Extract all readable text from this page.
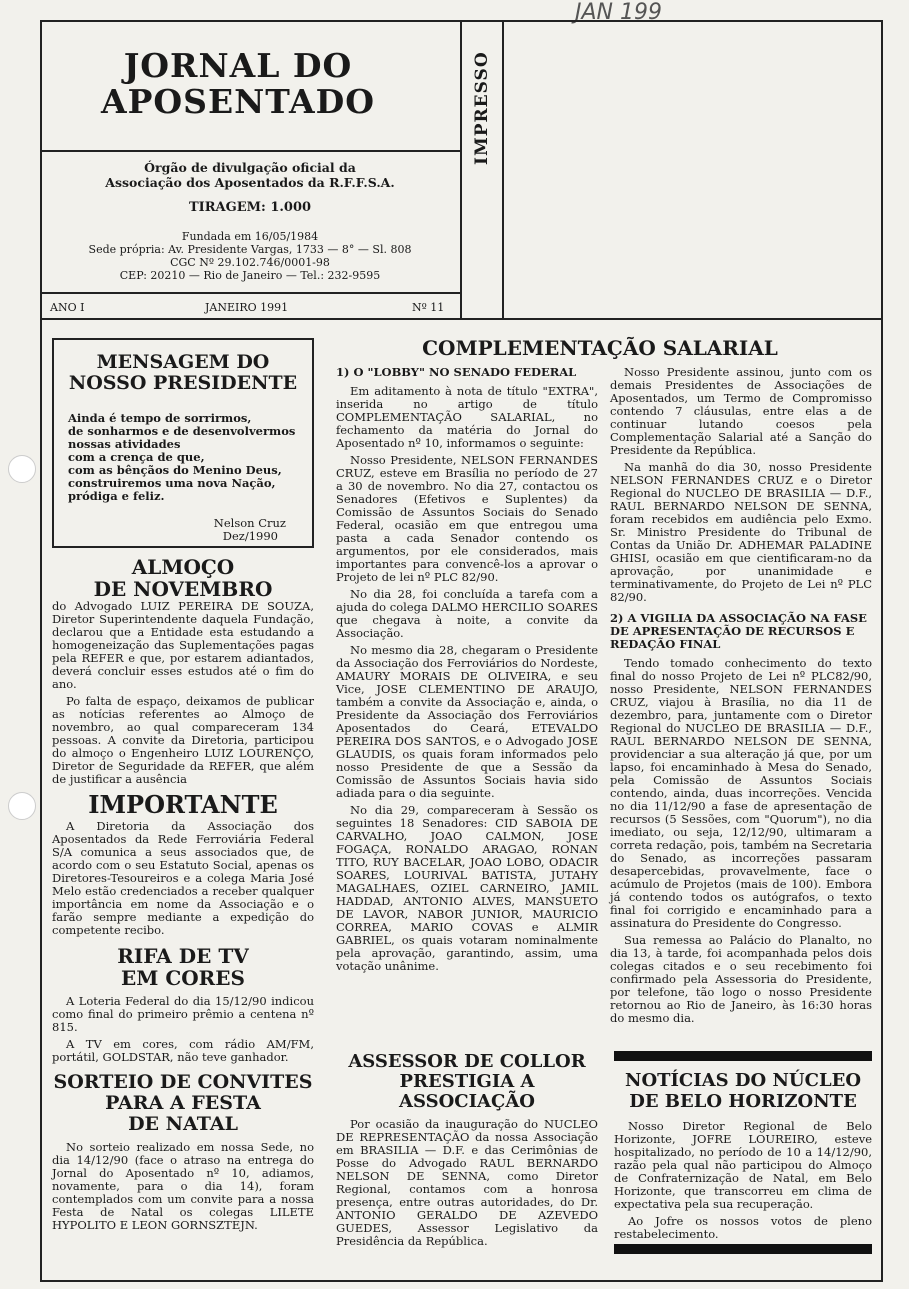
JAN 199
JORNAL DO
APOSENTADO	IMPRESSO
Órgão de divulgação oficial da
Associação dos Aposentados da R.F.F.S.A.
TIRAGEM: 1.000
Fundada em 16/05/1984
Sede própria: Av. Presidente Vargas, 1733 — 8° — Sl. 808
CGC Nº 29.102.746/0001-98
CEP: 20210 — Rio de Janeiro — Tel.: 232-9595
ANO I	JANEIRO 1991	Nº 11
MENSAGEM DO
NOSSO PRESIDENTE
Ainda é tempo de sorrirmos,
de sonharmos e de desenvolvermos
nossas atividades
com a crença de que,
com as bênçãos do Menino Deus,
construiremos uma nova Nação,
pródiga e feliz.
Nelson Cruz
Dez/1990
ALMOÇO
DE NOVEMBRO

do Advogado LUIZ PEREIRA DE SOUZA, Diretor Superintendente daquela Fundação, declarou que a Entidade esta estudando a homogeneização das Suplementações pagas pela REFER e que, por estarem adiantados, deverá concluir esses estudos até o fim do ano.

Po falta de espaço, deixamos de publicar as notícias referentes ao Almoço de novembro, ao qual compareceram 134 pessoas. A convite da Diretoria, participou do almoço o Engenheiro LUIZ LOURENÇO, Diretor de Seguridade da REFER, que além de justificar a ausência

IMPORTANTE

A Diretoria da Associação dos Aposentados da Rede Ferroviária Federal S/A comunica a seus associados que, de acordo com o seu Estatuto Social, apenas os Diretores-Tesoureiros e a colega Maria José Melo estão credenciados a receber qualquer importância em nome da Associação e o farão sempre mediante a expedição do competente recibo.

RIFA DE TV
EM CORES

A Loteria Federal do dia 15/12/90 indicou como final do primeiro prêmio a centena nº 815.

A TV em cores, com rádio AM/FM, portátil, GOLDSTAR, não teve ganhador.

SORTEIO DE CONVITES
PARA A FESTA
DE NATAL

No sorteio realizado em nossa Sede, no dia 14/12/90 (face o atraso na entrega do Jornal do Aposentado nº 10, adiamos, novamente, para o dia 14), foram contemplados com um convite para a nossa Festa de Natal os colegas LILETE HYPOLITO E LEON GORNSZTEJN.

COMPLEMENTAÇÃO SALARIAL
1) O "LOBBY" NO SENADO FEDERAL

Em aditamento à nota de título "EXTRA", inserida no artigo de título COMPLEMENTAÇÃO SALARIAL, no fechamento da matéria do Jornal do Aposentado nº 10, informamos o seguinte:

Nosso Presidente, NELSON FERNANDES CRUZ, esteve em Brasília no período de 27 a 30 de novembro. No dia 27, contactou os Senadores (Efetivos e Suplentes) da Comissão de Assuntos Sociais do Senado Federal, ocasião em que entregou uma pasta a cada Senador contendo os argumentos, por ele considerados, mais importantes para convencê-los a aprovar o Projeto de lei nº PLC 82/90.

No dia 28, foi concluída a tarefa com a ajuda do colega DALMO HERCILIO SOARES que chegava à noite, a convite da Associação.

No mesmo dia 28, chegaram o Presidente da Associação dos Ferroviários do Nordeste, AMAURY MORAIS DE OLIVEIRA, e seu Vice, JOSE CLEMENTINO DE ARAUJO, também a convite da Associação e, ainda, o Presidente da Associação dos Ferroviários Aposentados do Ceará, ETEVALDO PEREIRA DOS SANTOS, e o Advogado JOSE GLAUDIS, os quais foram informados pelo nosso Presidente de que a Sessão da Comissão de Assuntos Sociais havia sido adiada para o dia seguinte.

No dia 29, compareceram à Sessão os seguintes 18 Senadores: CID SABOIA DE CARVALHO, JOAO CALMON, JOSE FOGAÇA, RONALDO ARAGAO, RONAN TITO, RUY BACELAR, JOAO LOBO, ODACIR SOARES, LOURIVAL BATISTA, JUTAHY MAGALHAES, OZIEL CARNEIRO, JAMIL HADDAD, ANTONIO ALVES, MANSUETO DE LAVOR, NABOR JUNIOR, MAURICIO CORREA, MARIO COVAS e ALMIR GABRIEL, os quais votaram nominalmente pela aprovação, garantindo, assim, uma votação unânime.

ASSESSOR DE COLLOR
PRESTIGIA A
ASSOCIAÇÃO

Por ocasião da inauguração do NUCLEO DE REPRESENTAÇÃO da nossa Associação em BRASILIA — D.F. e das Cerimônias de Posse do Advogado RAUL BERNARDO NELSON DE SENNA, como Diretor Regional, contamos com a honrosa presença, entre outras autoridades, do Dr. ANTONIO GERALDO DE AZEVEDO GUEDES, Assessor Legislativo da Presidência da República.

Nosso Presidente assinou, junto com os demais Presidentes de Associações de Aposentados, um Termo de Compromisso contendo 7 cláusulas, entre elas a de continuar lutando coesos pela Complementação Salarial até a Sanção do Presidente da República.

Na manhã do dia 30, nosso Presidente NELSON FERNANDES CRUZ e o Diretor Regional do NUCLEO DE BRASILIA — D.F., RAUL BERNARDO NELSON DE SENNA, foram recebidos em audiência pelo Exmo. Sr. Ministro Presidente do Tribunal de Contas da União Dr. ADHEMAR PALADINE GHISI, ocasião em que cientificaram-no da aprovação, por unanimidade e terminativamente, do Projeto de Lei nº PLC 82/90.

2) A VIGILIA DA ASSOCIAÇÃO NA FASE DE APRESENTAÇÃO DE RECURSOS E REDAÇÃO FINAL

Tendo tomado conhecimento do texto final do nosso Projeto de Lei nº PLC82/90, nosso Presidente, NELSON FERNANDES CRUZ, viajou à Brasília, no dia 11 de dezembro, para, juntamente com o Diretor Regional do NUCLEO DE BRASILIA — D.F., RAUL BERNARDO NELSON DE SENNA, providenciar a sua alteração já que, por um lapso, foi encaminhado à Mesa do Senado, pela Comissão de Assuntos Sociais contendo, ainda, duas incorreções. Vencida no dia 11/12/90 a fase de apresentação de recursos (5 Sessões, com "Quorum"), no dia imediato, ou seja, 12/12/90, ultimaram a correta redação, pois, também na Secretaria do Senado, as incorreções passaram desapercebidas, provavelmente, face o acúmulo de Projetos (mais de 100). Embora já contendo todos os autógrafos, o texto final foi corrigido e encaminhado para a assinatura do Presidente do Congresso.

Sua remessa ao Palácio do Planalto, no dia 13, à tarde, foi acompanhada pelos dois colegas citados e o seu recebimento foi confirmado pela Assessoria do Presidente, por telefone, tão logo o nosso Presidente retornou ao Rio de Janeiro, às 16:30 horas do mesmo dia.

NOTÍCIAS DO NÚCLEO
DE BELO HORIZONTE

Nosso Diretor Regional de Belo Horizonte, JOFRE LOUREIRO, esteve hospitalizado, no período de 10 a 14/12/90, razão pela qual não participou do Almoço de Confraternização de Natal, em Belo Horizonte, que transcorreu em clima de expectativa pela sua recuperação.

Ao Jofre os nossos votos de pleno restabelecimento.
